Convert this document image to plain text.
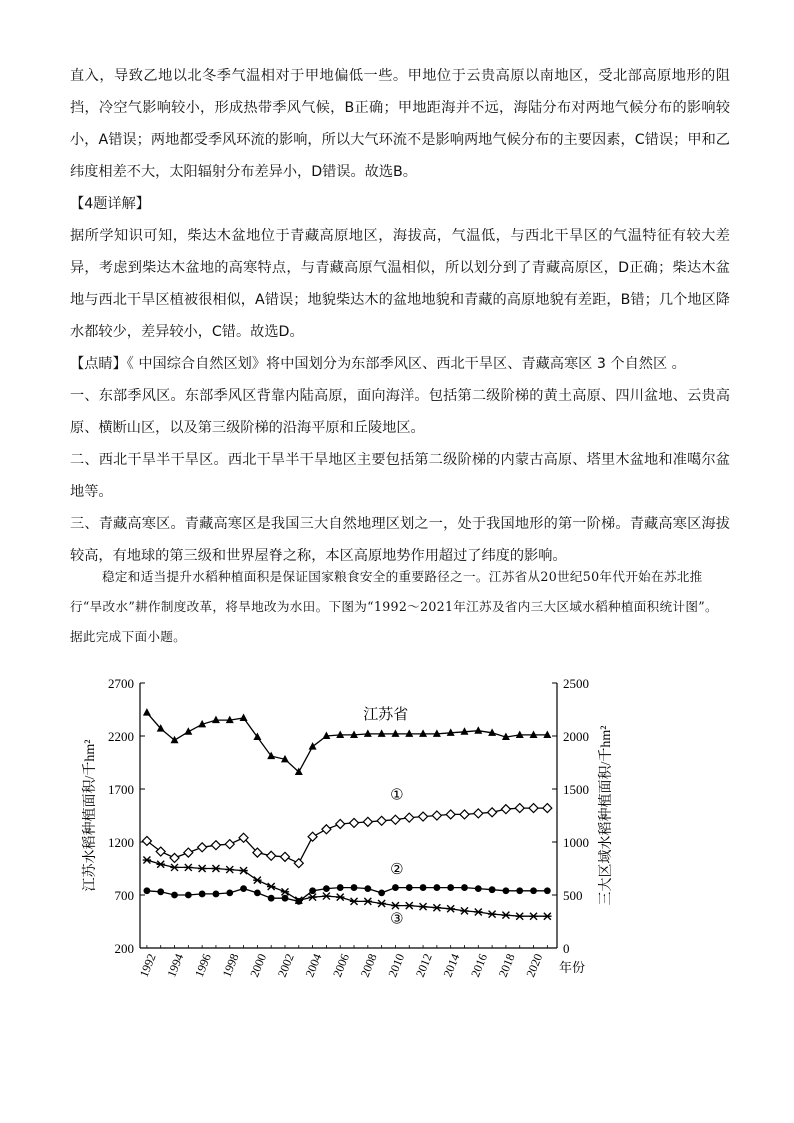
直入，导致乙地以北冬季气温相对于甲地偏低一些。甲地位于云贵高原以南地区，受北部高原地形的阻挡，冷空气影响较小，形成热带季风气候，B正确；甲地距海并不远，海陆分布对两地气候分布的影响较小，A错误；两地都受季风环流的影响，所以大气环流不是影响两地气候分布的主要因素，C错误；甲和乙纬度相差不大，太阳辐射分布差异小，D错误。故选B。

【4题详解】

据所学知识可知，柴达木盆地位于青藏高原地区，海拔高，气温低，与西北干旱区的气温特征有较大差异，考虑到柴达木盆地的高寒特点，与青藏高原气温相似，所以划分到了青藏高原区，D正确；柴达木盆地与西北干旱区植被很相似，A错误；地貌柴达木的盆地地貌和青藏的高原地貌有差距，B错；几个地区降水都较少，差异较小，C错。故选D。

【点睛】《 中国综合自然区划》将中国划分为东部季风区、西北干旱区、青藏高寒区 3 个自然区 。

一、东部季风区。东部季风区背靠内陆高原，面向海洋。包括第二级阶梯的黄土高原、四川盆地、云贵高原、横断山区，以及第三级阶梯的沿海平原和丘陵地区。

二、西北干旱半干旱区。西北干旱半干旱地区主要包括第二级阶梯的内蒙古高原、塔里木盆地和准噶尔盆地等。

三、青藏高寒区。青藏高寒区是我国三大自然地理区划之一，处于我国地形的第一阶梯。青藏高寒区海拔较高，有地球的第三级和世界屋脊之称，本区高原地势作用超过了纬度的影响。

稳定和适当提升水稻种植面积是保证国家粮食安全的重要路径之一。江苏省从20世纪50年代开始在苏北推行“旱改水”耕作制度改革，将旱地改为水田。下图为“1992～2021年江苏及省内三大区域水稻种植面积统计图”。据此完成下面小题。

200
700
1200
1700
2200
2700
0
500
1000
1500
2000
2500
1992 1994 1996 1998 2000 2002 2004 2006 2008 2010 2012 2014 2016 2018 2020 年份
江苏水稻种植面积/千hm²	三大区域水稻种植面积/千hm²
江苏省
①
②
③
